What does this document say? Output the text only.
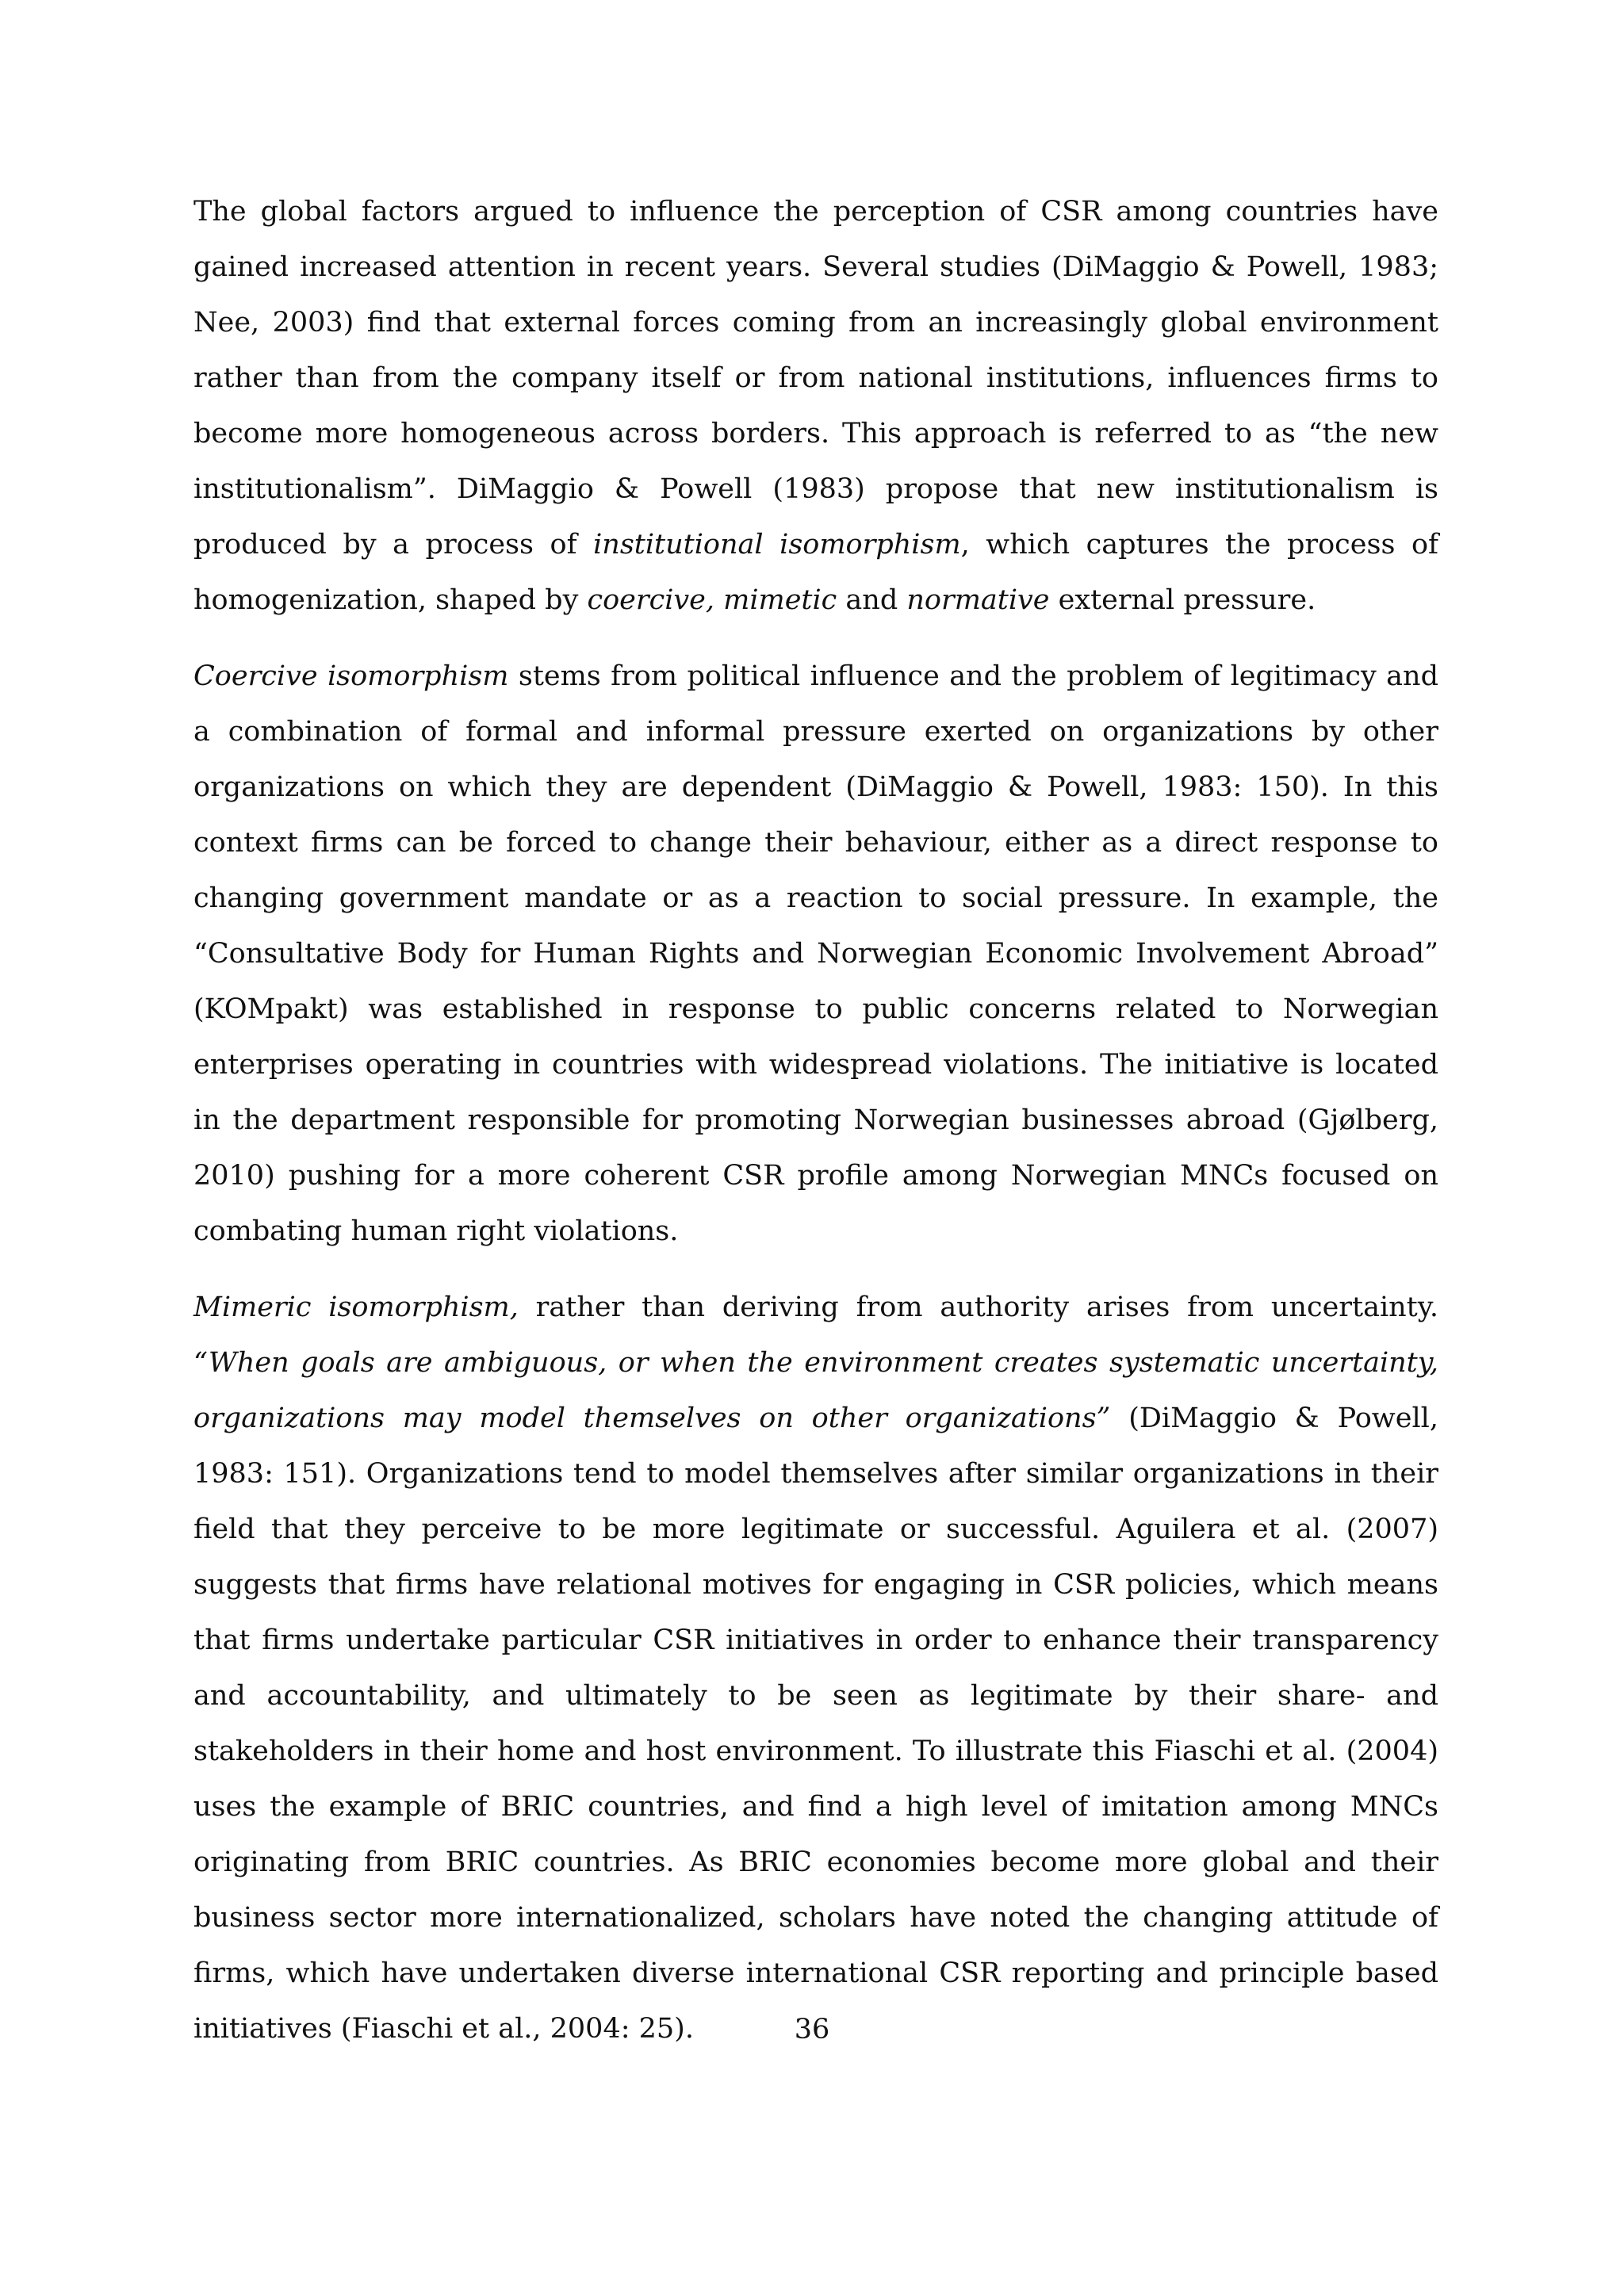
The global factors argued to influence the perception of CSR among countries have gained increased attention in recent years. Several studies (DiMaggio & Powell, 1983; Nee, 2003) find that external forces coming from an increasingly global environment rather than from the company itself or from national institutions, influences firms to become more homogeneous across borders. This approach is referred to as “the new institutionalism”. DiMaggio & Powell (1983) propose that new institutionalism is produced by a process of institutional isomorphism, which captures the process of homogenization, shaped by coercive, mimetic and normative external pressure.

Coercive isomorphism stems from political influence and the problem of legitimacy and a combination of formal and informal pressure exerted on organizations by other organizations on which they are dependent (DiMaggio & Powell, 1983: 150). In this context firms can be forced to change their behaviour, either as a direct response to changing government mandate or as a reaction to social pressure. In example, the “Consultative Body for Human Rights and Norwegian Economic Involvement Abroad” (KOMpakt) was established in response to public concerns related to Norwegian enterprises operating in countries with widespread violations. The initiative is located in the department responsible for promoting Norwegian businesses abroad (Gjølberg, 2010) pushing for a more coherent CSR profile among Norwegian MNCs focused on combating human right violations.

Mimeric isomorphism, rather than deriving from authority arises from uncertainty. “When goals are ambiguous, or when the environment creates systematic uncertainty, organizations may model themselves on other organizations” (DiMaggio & Powell, 1983: 151). Organizations tend to model themselves after similar organizations in their field that they perceive to be more legitimate or successful. Aguilera et al. (2007) suggests that firms have relational motives for engaging in CSR policies, which means that firms undertake particular CSR initiatives in order to enhance their transparency and accountability, and ultimately to be seen as legitimate by their share- and stakeholders in their home and host environment. To illustrate this Fiaschi et al. (2004) uses the example of BRIC countries, and find a high level of imitation among MNCs originating from BRIC countries. As BRIC economies become more global and their business sector more internationalized, scholars have noted the changing attitude of firms, which have undertaken diverse international CSR reporting and principle based initiatives (Fiaschi et al., 2004: 25).	36
